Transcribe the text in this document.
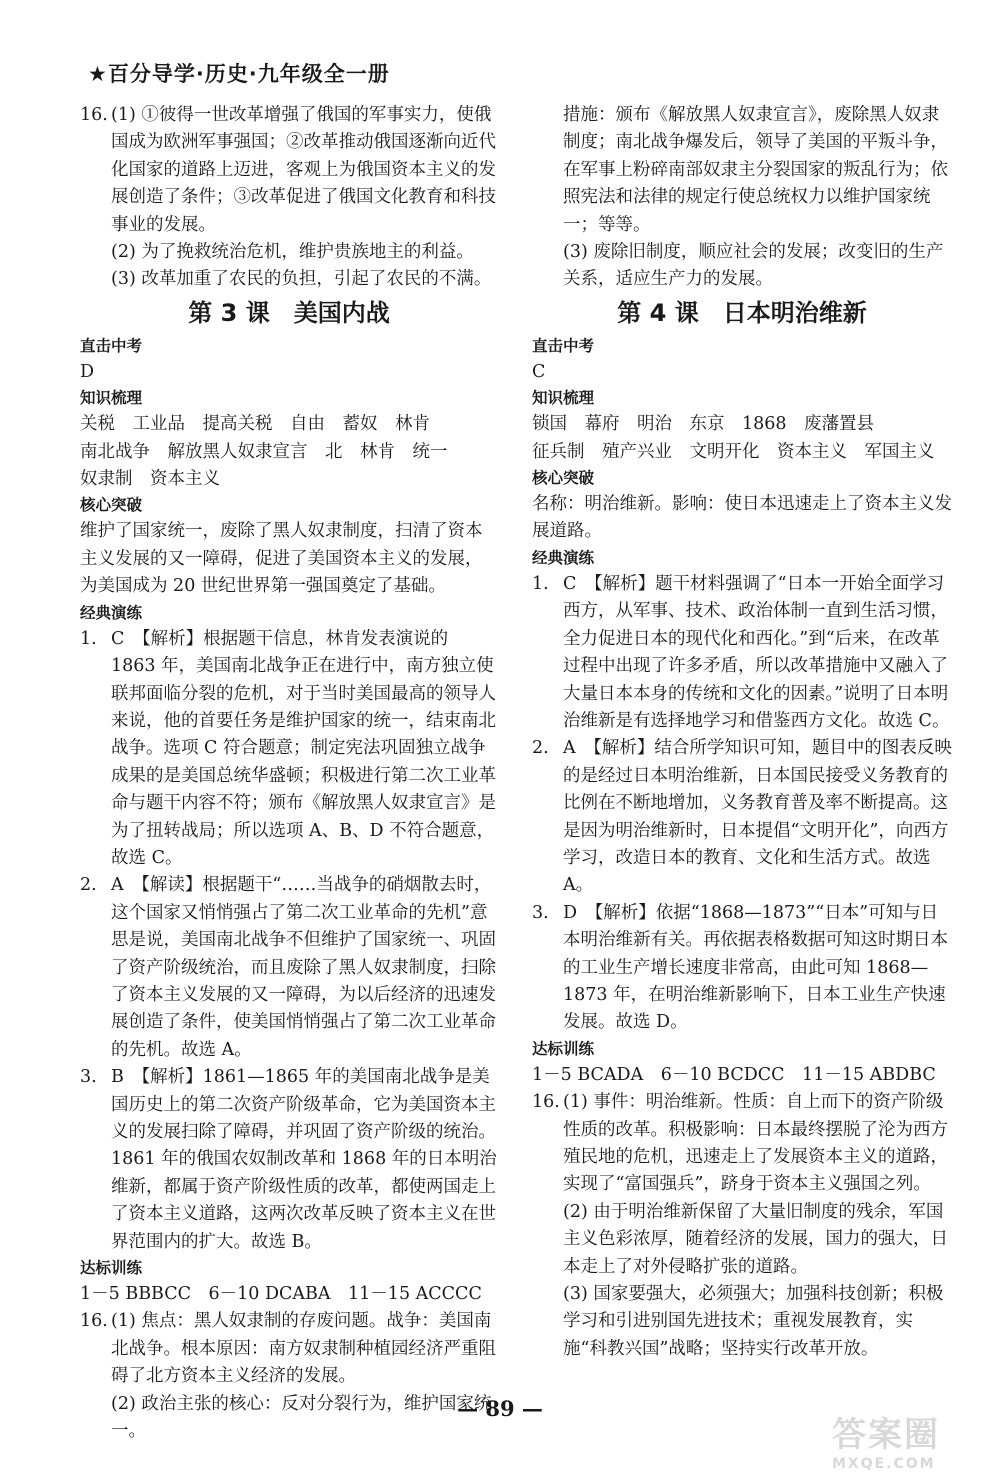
★百分导学·历史·九年级全一册
16. (1) ①彼得一世改革增强了俄国的军事实力，使俄国成为欧洲军事强国；②改革推动俄国逐渐向近代化国家的道路上迈进，客观上为俄国资本主义的发展创造了条件；③改革促进了俄国文化教育和科技事业的发展。

(2) 为了挽救统治危机，维护贵族地主的利益。

(3) 改革加重了农民的负担，引起了农民的不满。

第 3 课　美国内战

直击中考

D

知识梳理

关税　工业品　提高关税　自由　蓄奴　林肯

南北战争　解放黑人奴隶宣言　北　林肯　统一

奴隶制　资本主义

核心突破

维护了国家统一，废除了黑人奴隶制度，扫清了资本主义发展的又一障碍，促进了美国资本主义的发展，为美国成为 20 世纪世界第一强国奠定了基础。

经典演练

1. C　【解析】根据题干信息，林肯发表演说的 1863 年，美国南北战争正在进行中，南方独立使联邦面临分裂的危机，对于当时美国最高的领导人来说，他的首要任务是维护国家的统一，结束南北战争。选项 C 符合题意；制定宪法巩固独立战争成果的是美国总统华盛顿；积极进行第二次工业革命与题干内容不符；颁布《解放黑人奴隶宣言》是为了扭转战局；所以选项 A、B、D 不符合题意，故选 C。

2. A　【解读】根据题干“……当战争的硝烟散去时，这个国家又悄悄强占了第二次工业革命的先机”意思是说，美国南北战争不但维护了国家统一、巩固了资产阶级统治，而且废除了黑人奴隶制度，扫除了资本主义发展的又一障碍，为以后经济的迅速发展创造了条件，使美国悄悄强占了第二次工业革命的先机。故选 A。

3. B　【解析】1861—1865 年的美国南北战争是美国历史上的第二次资产阶级革命，它为美国资本主义的发展扫除了障碍，并巩固了资产阶级的统治。1861 年的俄国农奴制改革和 1868 年的日本明治维新，都属于资产阶级性质的改革，都使两国走上了资本主义道路，这两次改革反映了资本主义在世界范围内的扩大。故选 B。

达标训练

1－5 BBBCC　6－10 DCABA　11－15 ACCCC

16. (1) 焦点：黑人奴隶制的存废问题。战争：美国南北战争。根本原因：南方奴隶制种植园经济严重阻碍了北方资本主义经济的发展。

(2) 政治主张的核心：反对分裂行为，维护国家统一。

措施：颁布《解放黑人奴隶宣言》，废除黑人奴隶制度；南北战争爆发后，领导了美国的平叛斗争，在军事上粉碎南部奴隶主分裂国家的叛乱行为；依照宪法和法律的规定行使总统权力以维护国家统一；等等。

(3) 废除旧制度，顺应社会的发展；改变旧的生产关系，适应生产力的发展。

第 4 课　日本明治维新

直击中考

C

知识梳理

锁国　幕府　明治　东京　1868　废藩置县

征兵制　殖产兴业　文明开化　资本主义　军国主义

核心突破

名称：明治维新。影响：使日本迅速走上了资本主义发展道路。

经典演练

1. C　【解析】题干材料强调了“日本一开始全面学习西方，从军事、技术、政治体制一直到生活习惯，全力促进日本的现代化和西化。”到“后来，在改革过程中出现了许多矛盾，所以改革措施中又融入了大量日本本身的传统和文化的因素。”说明了日本明治维新是有选择地学习和借鉴西方文化。故选 C。

2. A　【解析】结合所学知识可知，题目中的图表反映的是经过日本明治维新，日本国民接受义务教育的比例在不断地增加，义务教育普及率不断提高。这是因为明治维新时，日本提倡“文明开化”，向西方学习，改造日本的教育、文化和生活方式。故选 A。

3. D　【解析】依据“1868—1873”“日本”可知与日本明治维新有关。再依据表格数据可知这时期日本的工业生产增长速度非常高，由此可知 1868—1873 年，在明治维新影响下，日本工业生产快速发展。故选 D。

达标训练

1－5 BCADA　6－10 BCDCC　11－15 ABDBC

16. (1) 事件：明治维新。性质：自上而下的资产阶级性质的改革。积极影响：日本最终摆脱了沦为西方殖民地的危机，迅速走上了发展资本主义的道路，实现了“富国强兵”，跻身于资本主义强国之列。

(2) 由于明治维新保留了大量旧制度的残余，军国主义色彩浓厚，随着经济的发展，国力的强大，日本走上了对外侵略扩张的道路。

(3) 国家要强大，必须强大；加强科技创新；积极学习和引进别国先进技术；重视发展教育，实施“科教兴国”战略；坚持实行改革开放。

— 89 —
答案圈
MXQE.COM
